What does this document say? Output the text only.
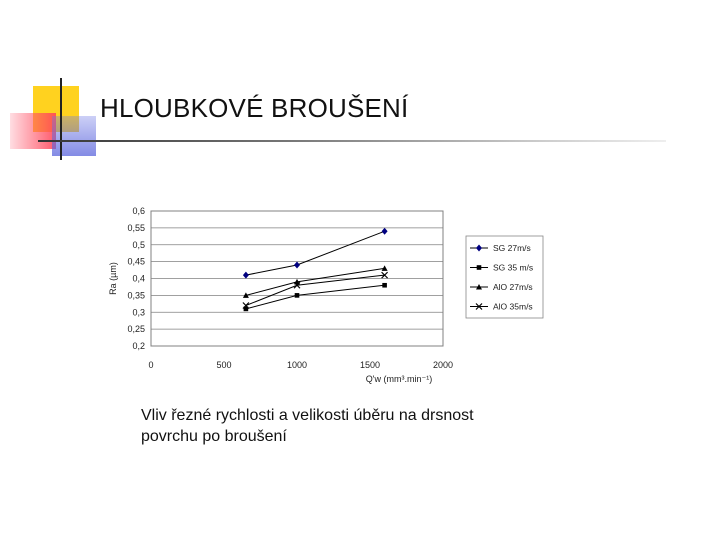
HLOUBKOVÉ BROUŠENÍ
0,2
0,25
0,3
0,35
0,4
0,45
0,5
0,55
0,6
0	500	1000	1500	2000
Ra (µm)
Q'w (mm³.min⁻¹)
SG 27m/s
SG 35 m/s
AlO 27m/s
AlO 35m/s
Vliv řezné rychlosti a velikosti úběru na drsnost
povrchu po broušení
